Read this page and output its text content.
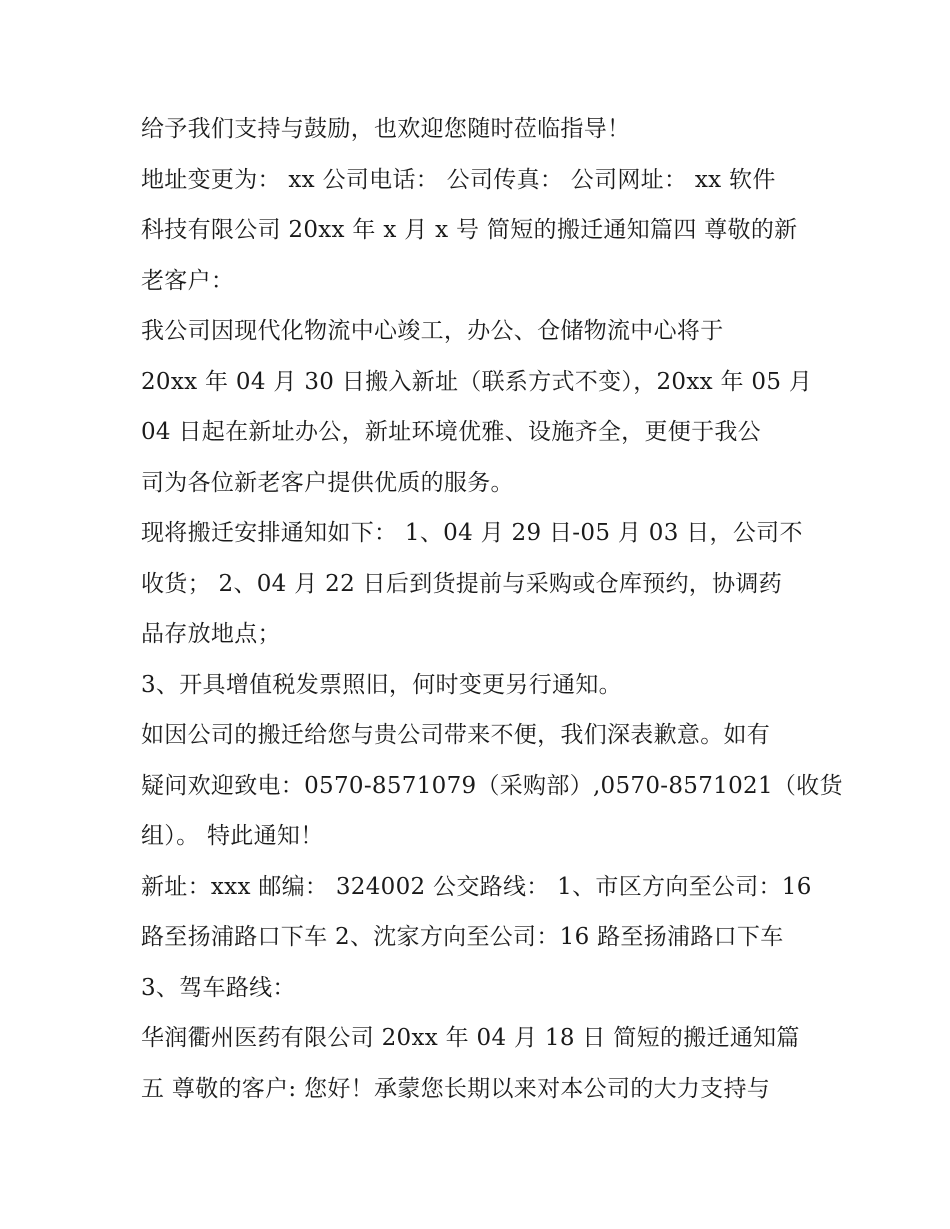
给予我们支持与鼓励，也欢迎您随时莅临指导！
地址变更为： xx 公司电话： 公司传真： 公司网址： xx 软件
科技有限公司 20xx 年 x 月 x 号 简短的搬迁通知篇四 尊敬的新
老客户：
我公司因现代化物流中心竣工，办公、仓储物流中心将于
20xx 年 04 月 30 日搬入新址（联系方式不变），20xx 年 05 月
04 日起在新址办公，新址环境优雅、设施齐全，更便于我公
司为各位新老客户提供优质的服务。
现将搬迁安排通知如下： 1、04 月 29 日-05 月 03 日，公司不
收货； 2、04 月 22 日后到货提前与采购或仓库预约，协调药
品存放地点；
3、开具增值税发票照旧，何时变更另行通知。
如因公司的搬迁给您与贵公司带来不便，我们深表歉意。如有
疑问欢迎致电：0570-8571079（采购部）,0570-8571021（收货
组）。 特此通知！
新址：xxx 邮编： 324002 公交路线： 1、市区方向至公司：16
路至扬浦路口下车 2、沈家方向至公司：16 路至扬浦路口下车
3、驾车路线：
华润衢州医药有限公司 20xx 年 04 月 18 日 简短的搬迁通知篇
五 尊敬的客户: 您好！承蒙您长期以来对本公司的大力支持与
